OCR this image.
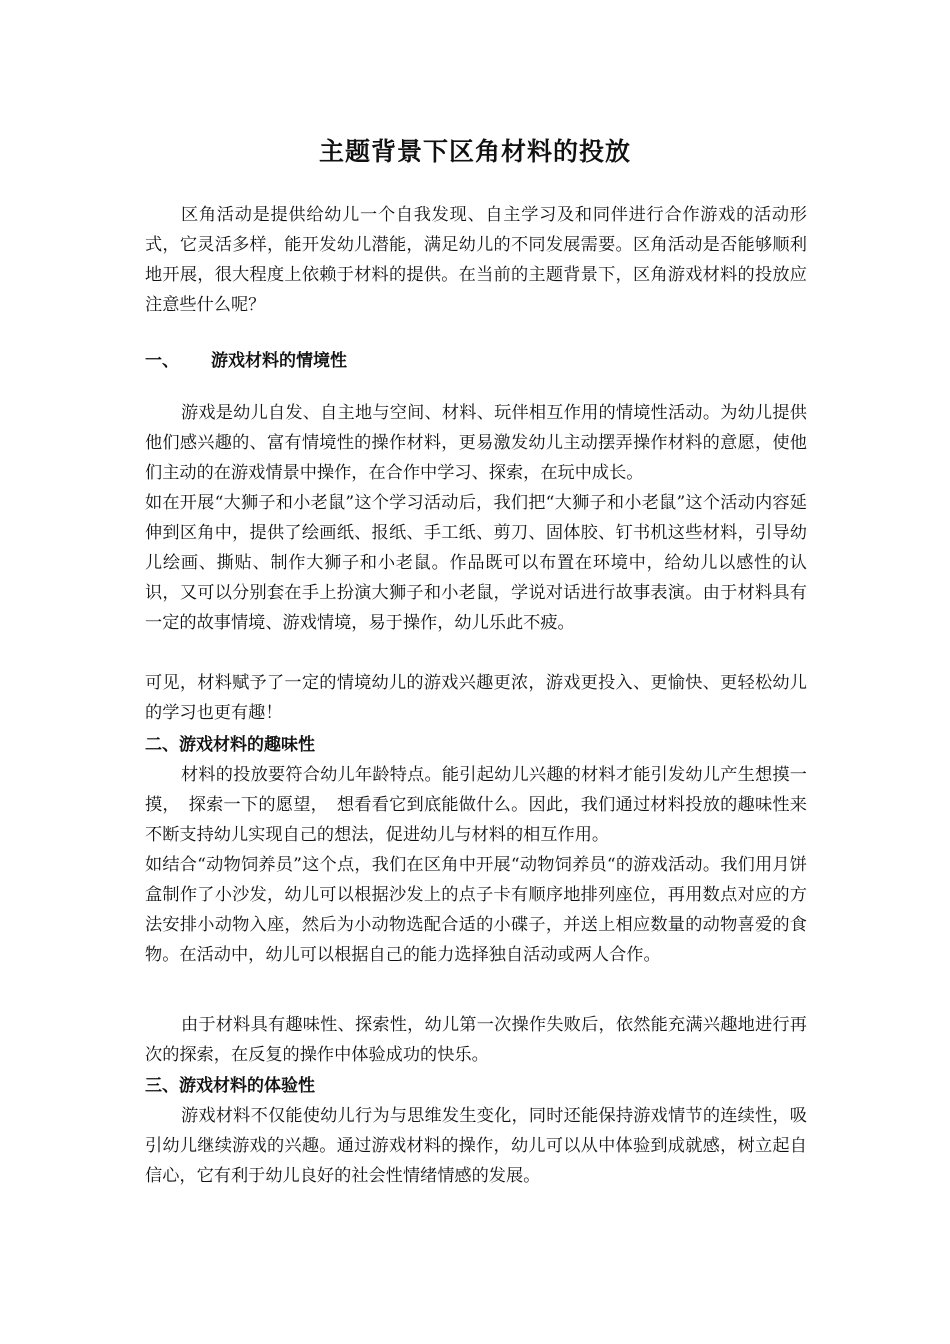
主题背景下区角材料的投放
区角活动是提供给幼儿一个自我发现、自主学习及和同伴进行合作游戏的活动形式，它灵活多样，能开发幼儿潜能，满足幼儿的不同发展需要。区角活动是否能够顺利地开展，很大程度上依赖于材料的提供。在当前的主题背景下，区角游戏材料的投放应注意些什么呢？
一、 游戏材料的情境性
游戏是幼儿自发、自主地与空间、材料、玩伴相互作用的情境性活动。为幼儿提供他们感兴趣的、富有情境性的操作材料，更易激发幼儿主动摆弄操作材料的意愿，使他们主动的在游戏情景中操作，在合作中学习、探索，在玩中成长。
如在开展“大狮子和小老鼠”这个学习活动后，我们把“大狮子和小老鼠”这个活动内容延伸到区角中，提供了绘画纸、报纸、手工纸、剪刀、固体胶、钉书机这些材料，引导幼儿绘画、撕贴、制作大狮子和小老鼠。作品既可以布置在环境中，给幼儿以感性的认识，又可以分别套在手上扮演大狮子和小老鼠，学说对话进行故事表演。由于材料具有一定的故事情境、游戏情境，易于操作，幼儿乐此不疲。
可见，材料赋予了一定的情境幼儿的游戏兴趣更浓，游戏更投入、更愉快、更轻松幼儿的学习也更有趣！
二、游戏材料的趣味性
材料的投放要符合幼儿年龄特点。能引起幼儿兴趣的材料才能引发幼儿产生想摸一摸，　探索一下的愿望，　想看看它到底能做什么。因此，我们通过材料投放的趣味性来不断支持幼儿实现自己的想法，促进幼儿与材料的相互作用。
如结合“动物饲养员”这个点，我们在区角中开展“动物饲养员“的游戏活动。我们用月饼盒制作了小沙发，幼儿可以根据沙发上的点子卡有顺序地排列座位，再用数点对应的方法安排小动物入座，然后为小动物选配合适的小碟子，并送上相应数量的动物喜爱的食物。在活动中，幼儿可以根据自己的能力选择独自活动或两人合作。
由于材料具有趣味性、探索性，幼儿第一次操作失败后，依然能充满兴趣地进行再次的探索，在反复的操作中体验成功的快乐。
三、游戏材料的体验性
游戏材料不仅能使幼儿行为与思维发生变化，同时还能保持游戏情节的连续性，吸引幼儿继续游戏的兴趣。通过游戏材料的操作，幼儿可以从中体验到成就感，树立起自信心，它有利于幼儿良好的社会性情绪情感的发展。
